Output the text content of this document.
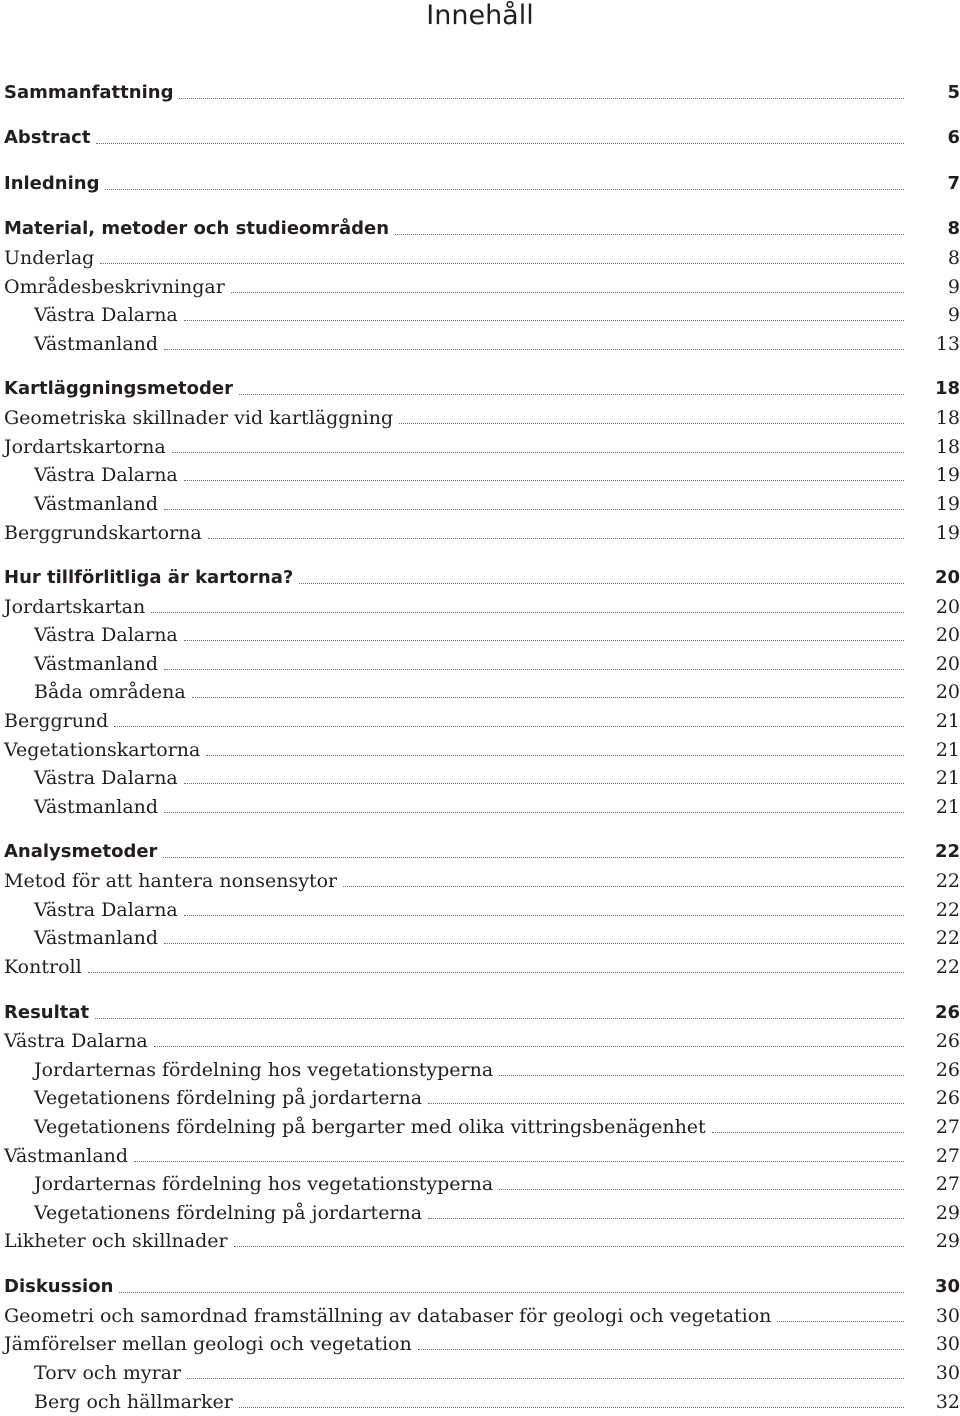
Innehåll
Sammanfattning	5
Abstract	6
Inledning	7
Material, metoder och studieområden	8
Underlag	8
Områdesbeskrivningar	9
Västra Dalarna	9
Västmanland	13
Kartläggningsmetoder	18
Geometriska skillnader vid kartläggning	18
Jordartskartorna	18
Västra Dalarna	19
Västmanland	19
Berggrundskartorna	19
Hur tillförlitliga är kartorna?	20
Jordartskartan	20
Västra Dalarna	20
Västmanland	20
Båda områdena	20
Berggrund	21
Vegetationskartorna	21
Västra Dalarna	21
Västmanland	21
Analysmetoder	22
Metod för att hantera nonsensytor	22
Västra Dalarna	22
Västmanland	22
Kontroll	22
Resultat	26
Västra Dalarna	26
Jordarternas fördelning hos vegetationstyperna	26
Vegetationens fördelning på jordarterna	26
Vegetationens fördelning på bergarter med olika vittringsbenägenhet	27
Västmanland	27
Jordarternas fördelning hos vegetationstyperna	27
Vegetationens fördelning på jordarterna	29
Likheter och skillnader	29
Diskussion	30
Geometri och samordnad framställning av databaser för geologi och vegetation	30
Jämförelser mellan geologi och vegetation	30
Torv och myrar	30
Berg och hällmarker	32
